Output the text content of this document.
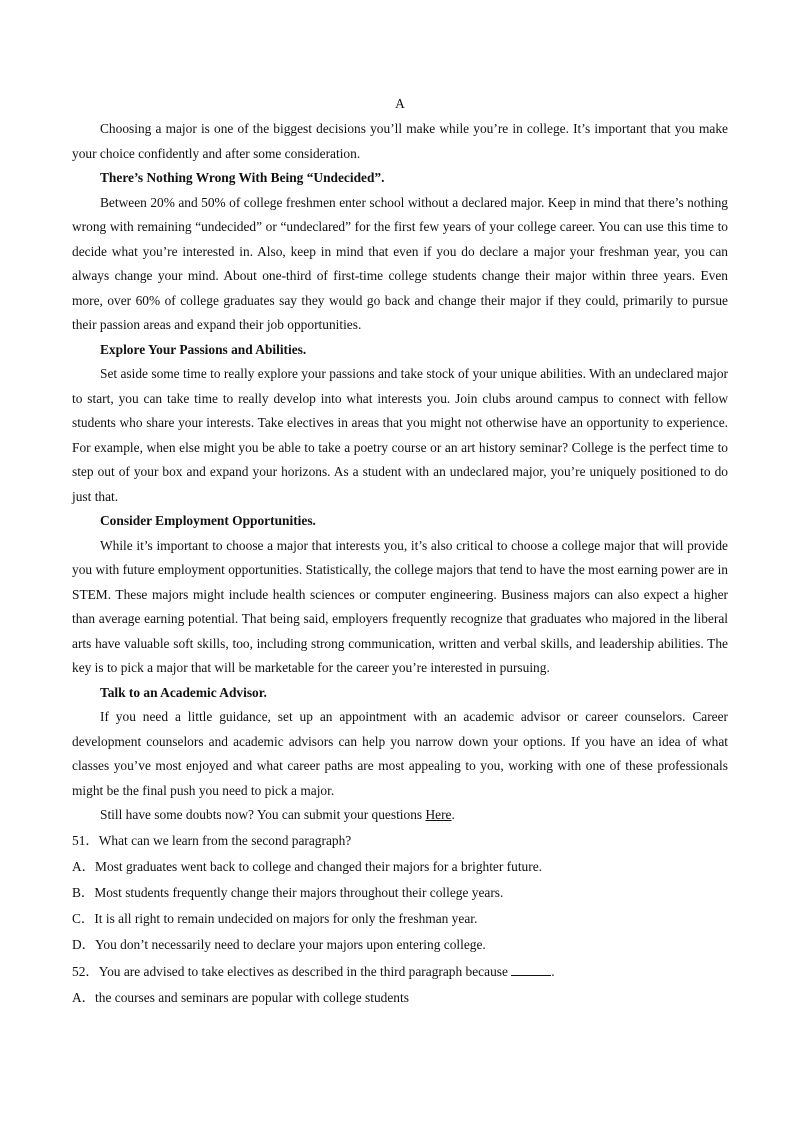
A

Choosing a major is one of the biggest decisions you’ll make while you’re in college. It’s important that you make your choice confidently and after some consideration.

There’s Nothing Wrong With Being “Undecided”.

Between 20% and 50% of college freshmen enter school without a declared major. Keep in mind that there’s nothing wrong with remaining “undecided” or “undeclared” for the first few years of your college career. You can use this time to decide what you’re interested in. Also, keep in mind that even if you do declare a major your freshman year, you can always change your mind. About one-third of first-time college students change their major within three years. Even more, over 60% of college graduates say they would go back and change their major if they could, primarily to pursue their passion areas and expand their job opportunities.

Explore Your Passions and Abilities.

Set aside some time to really explore your passions and take stock of your unique abilities. With an undeclared major to start, you can take time to really develop into what interests you. Join clubs around campus to connect with fellow students who share your interests. Take electives in areas that you might not otherwise have an opportunity to experience. For example, when else might you be able to take a poetry course or an art history seminar? College is the perfect time to step out of your box and expand your horizons. As a student with an undeclared major, you’re uniquely positioned to do just that.

Consider Employment Opportunities.

While it’s important to choose a major that interests you, it’s also critical to choose a college major that will provide you with future employment opportunities. Statistically, the college majors that tend to have the most earning power are in STEM. These majors might include health sciences or computer engineering. Business majors can also expect a higher than average earning potential. That being said, employers frequently recognize that graduates who majored in the liberal arts have valuable soft skills, too, including strong communication, written and verbal skills, and leadership abilities. The key is to pick a major that will be marketable for the career you’re interested in pursuing.

Talk to an Academic Advisor.

If you need a little guidance, set up an appointment with an academic advisor or career counselors. Career development counselors and academic advisors can help you narrow down your options. If you have an idea of what classes you’ve most enjoyed and what career paths are most appealing to you, working with one of these professionals might be the final push you need to pick a major.

Still have some doubts now? You can submit your questions Here.

51．What can we learn from the second paragraph?
A．Most graduates went back to college and changed their majors for a brighter future.
B．Most students frequently change their majors throughout their college years.
C．It is all right to remain undecided on majors for only the freshman year.
D．You don’t necessarily need to declare your majors upon entering college.
52．You are advised to take electives as described in the third paragraph because	.
A．the courses and seminars are popular with college students
